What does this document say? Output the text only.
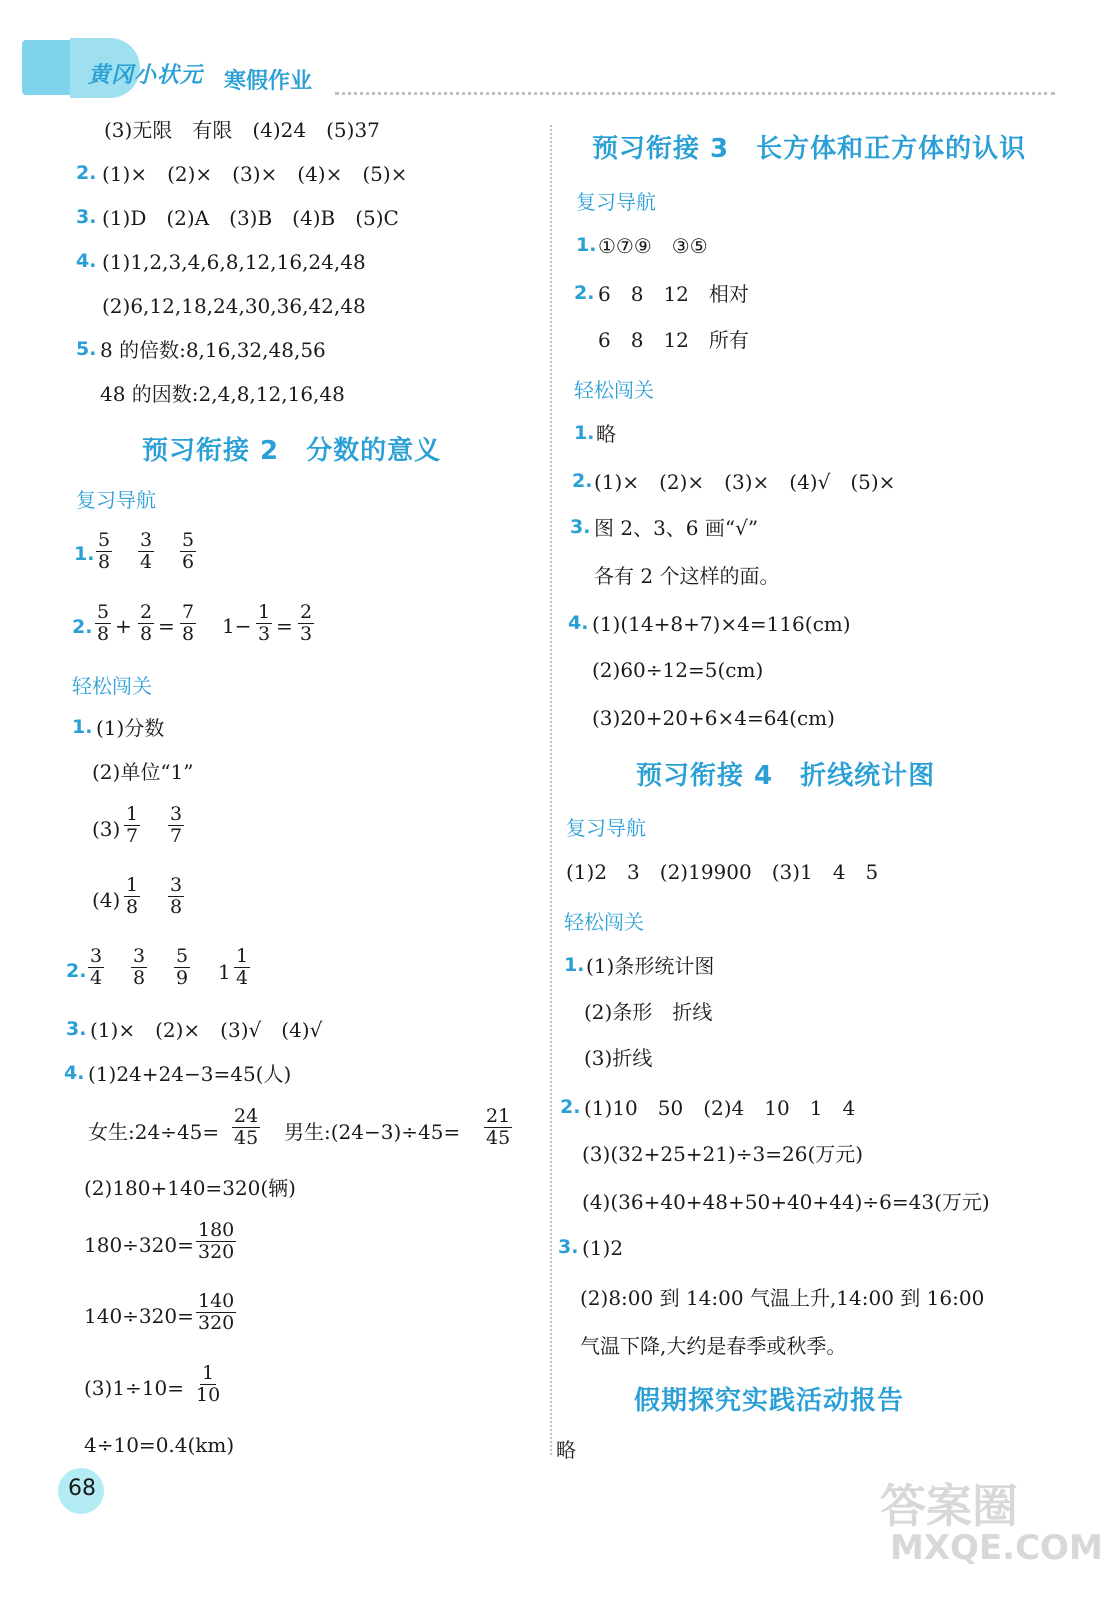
黄冈小状元 寒假作业
(3)无限　有限　(4)24　(5)37
2. (1)×　(2)×　(3)×　(4)×　(5)×
3. (1)D　(2)A　(3)B　(4)B　(5)C
4. (1)1,2,3,4,6,8,12,16,24,48
(2)6,12,18,24,30,36,42,48
5. 8 的倍数:8,16,32,48,56
48 的因数:2,4,8,12,16,48
预习衔接 2　分数的意义
复习导航
1. $\frac{5}{8} \frac{3}{4} \frac{5}{6}$
2. $\frac{5}{8} + \frac{2}{8} = \frac{7}{8} 1- \frac{1}{3} = \frac{2}{3}$
轻松闯关
1. (1)分数
(2)单位“1”
$(3) \frac{1}{7} \frac{3}{7}$
$(4) \frac{1}{8} \frac{3}{8}$
2. $\frac{3}{4} \frac{3}{8} \frac{5}{9} 1 \frac{1}{4}$
3. (1)×　(2)×　(3)√　(4)√
4. (1)24+24−3=45(人)
女生:24÷45= $\frac{24}{45}$ 男生:(24−3)÷45= $\frac{21}{45}$
(2)180+140=320(辆)
$180\div 320= \frac{180}{320}$
$140\div 320= \frac{140}{320}$
$(3)1\div 10= \frac{1}{10}$
4÷10=0.4(km)
预习衔接 3　长方体和正方体的认识
复习导航
1. ①⑦⑨　③⑤
2. 6　8　12　相对
6　8　12　所有
轻松闯关
1. 略
2. (1)×　(2)×　(3)×　(4)√　(5)×
3. 图 2、3、6 画“√”
各有 2 个这样的面。
4. (1)(14+8+7)×4=116(cm)
(2)60÷12=5(cm)
(3)20+20+6×4=64(cm)
预习衔接 4　折线统计图
复习导航
(1)2　3　(2)19900　(3)1　4　5
轻松闯关
1. (1)条形统计图
(2)条形　折线
(3)折线
2. (1)10　50　(2)4　10　1　4
(3)(32+25+21)÷3=26(万元)
(4)(36+40+48+50+40+44)÷6=43(万元)
3. (1)2
(2)8:00 到 14:00 气温上升,14:00 到 16:00
气温下降,大约是春季或秋季。
假期探究实践活动报告
略
68	答案圈
MXQE.COM
